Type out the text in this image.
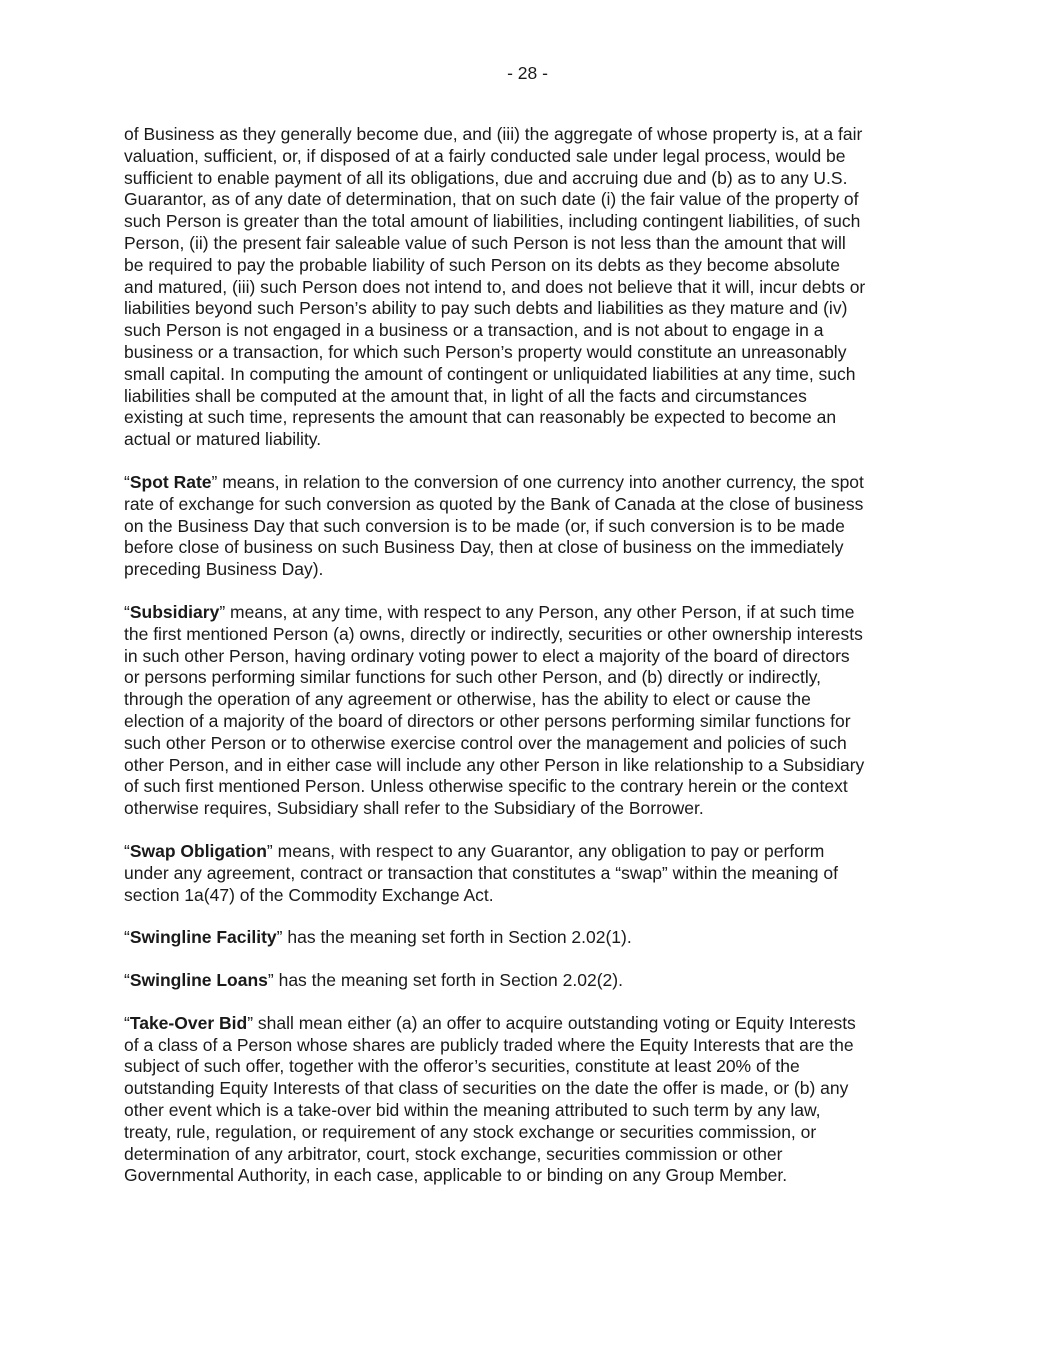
- 28 -

of Business as they generally become due, and (iii) the aggregate of whose property is, at a fair
valuation, sufficient, or, if disposed of at a fairly conducted sale under legal process, would be
sufficient to enable payment of all its obligations, due and accruing due and (b) as to any U.S.
Guarantor, as of any date of determination, that on such date (i) the fair value of the property of
such Person is greater than the total amount of liabilities, including contingent liabilities, of such
Person, (ii) the present fair saleable value of such Person is not less than the amount that will
be required to pay the probable liability of such Person on its debts as they become absolute
and matured, (iii) such Person does not intend to, and does not believe that it will, incur debts or
liabilities beyond such Person’s ability to pay such debts and liabilities as they mature and (iv)
such Person is not engaged in a business or a transaction, and is not about to engage in a
business or a transaction, for which such Person’s property would constitute an unreasonably
small capital. In computing the amount of contingent or unliquidated liabilities at any time, such
liabilities shall be computed at the amount that, in light of all the facts and circumstances
existing at such time, represents the amount that can reasonably be expected to become an
actual or matured liability.

“Spot Rate” means, in relation to the conversion of one currency into another currency, the spot
rate of exchange for such conversion as quoted by the Bank of Canada at the close of business
on the Business Day that such conversion is to be made (or, if such conversion is to be made
before close of business on such Business Day, then at close of business on the immediately
preceding Business Day).

“Subsidiary” means, at any time, with respect to any Person, any other Person, if at such time
the first mentioned Person (a) owns, directly or indirectly, securities or other ownership interests
in such other Person, having ordinary voting power to elect a majority of the board of directors
or persons performing similar functions for such other Person, and (b) directly or indirectly,
through the operation of any agreement or otherwise, has the ability to elect or cause the
election of a majority of the board of directors or other persons performing similar functions for
such other Person or to otherwise exercise control over the management and policies of such
other Person, and in either case will include any other Person in like relationship to a Subsidiary
of such first mentioned Person. Unless otherwise specific to the contrary herein or the context
otherwise requires, Subsidiary shall refer to the Subsidiary of the Borrower.

“Swap Obligation” means, with respect to any Guarantor, any obligation to pay or perform
under any agreement, contract or transaction that constitutes a “swap” within the meaning of
section 1a(47) of the Commodity Exchange Act.

“Swingline Facility” has the meaning set forth in Section 2.02(1).

“Swingline Loans” has the meaning set forth in Section 2.02(2).

“Take-Over Bid” shall mean either (a) an offer to acquire outstanding voting or Equity Interests
of a class of a Person whose shares are publicly traded where the Equity Interests that are the
subject of such offer, together with the offeror’s securities, constitute at least 20% of the
outstanding Equity Interests of that class of securities on the date the offer is made, or (b) any
other event which is a take-over bid within the meaning attributed to such term by any law,
treaty, rule, regulation, or requirement of any stock exchange or securities commission, or
determination of any arbitrator, court, stock exchange, securities commission or other
Governmental Authority, in each case, applicable to or binding on any Group Member.
